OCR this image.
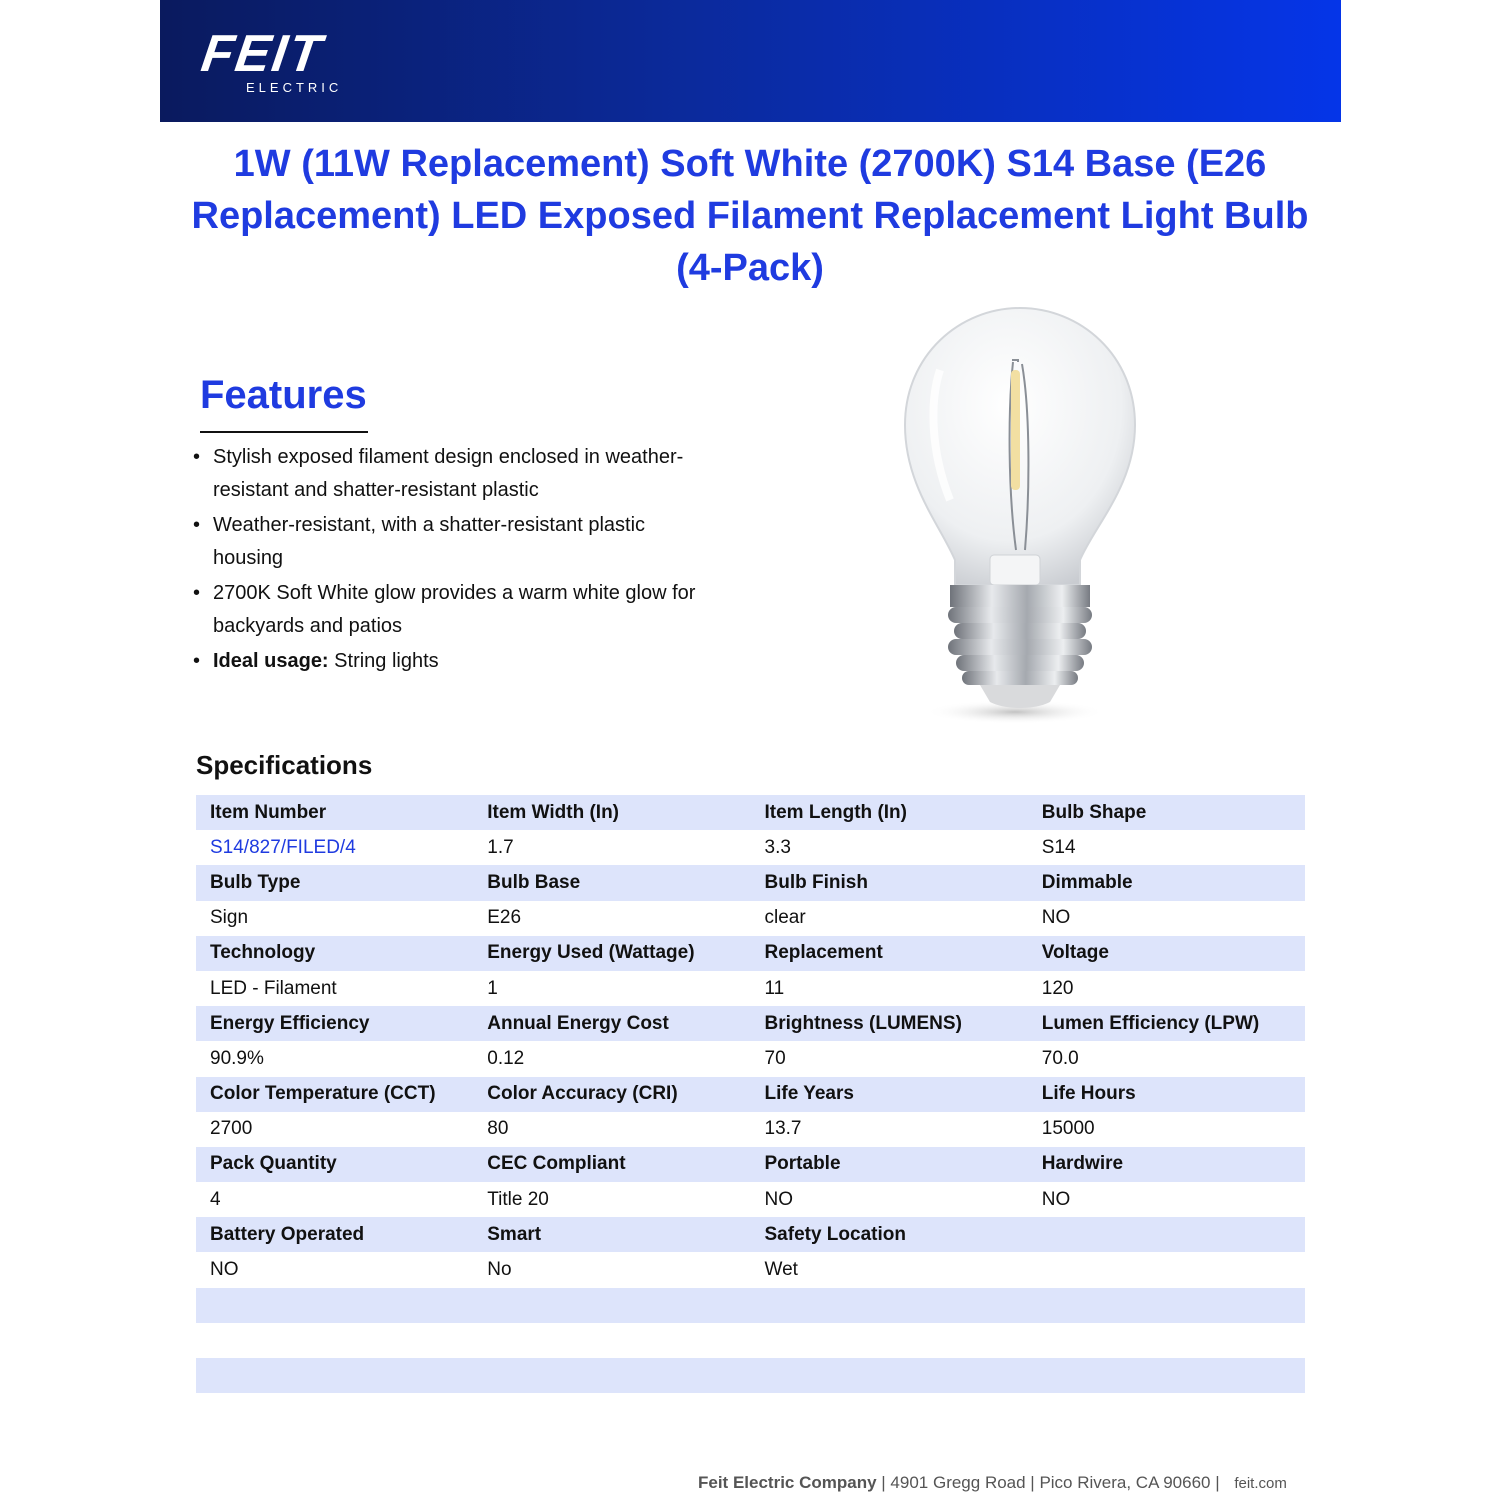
FEIT
ELECTRIC
1W (11W Replacement) Soft White (2700K) S14 Base (E26 Replacement) LED Exposed Filament Replacement Light Bulb (4-Pack)
Features
• Stylish exposed filament design enclosed in weather-resistant and shatter-resistant plastic
• Weather-resistant, with a shatter-resistant plastic housing
• 2700K Soft White glow provides a warm white glow for backyards and patios
• Ideal usage: String lights
Specifications
Item Number	Item Width (In)	Item Length (In)	Bulb Shape
S14/827/FILED/4	1.7	3.3	S14
Bulb Type	Bulb Base	Bulb Finish	Dimmable
Sign	E26	clear	NO
Technology	Energy Used (Wattage)	Replacement	Voltage
LED - Filament	1	11	120
Energy Efficiency	Annual Energy Cost	Brightness (LUMENS)	Lumen Efficiency (LPW)
90.9%	0.12	70	70.0
Color Temperature (CCT)	Color Accuracy (CRI)	Life Years	Life Hours
2700	80	13.7	15000
Pack Quantity	CEC Compliant	Portable	Hardwire
4	Title 20	NO	NO
Battery Operated	Smart	Safety Location	
NO	No	Wet	

Feit Electric Company | 4901 Gregg Road | Pico Rivera, CA 90660 | feit.com
